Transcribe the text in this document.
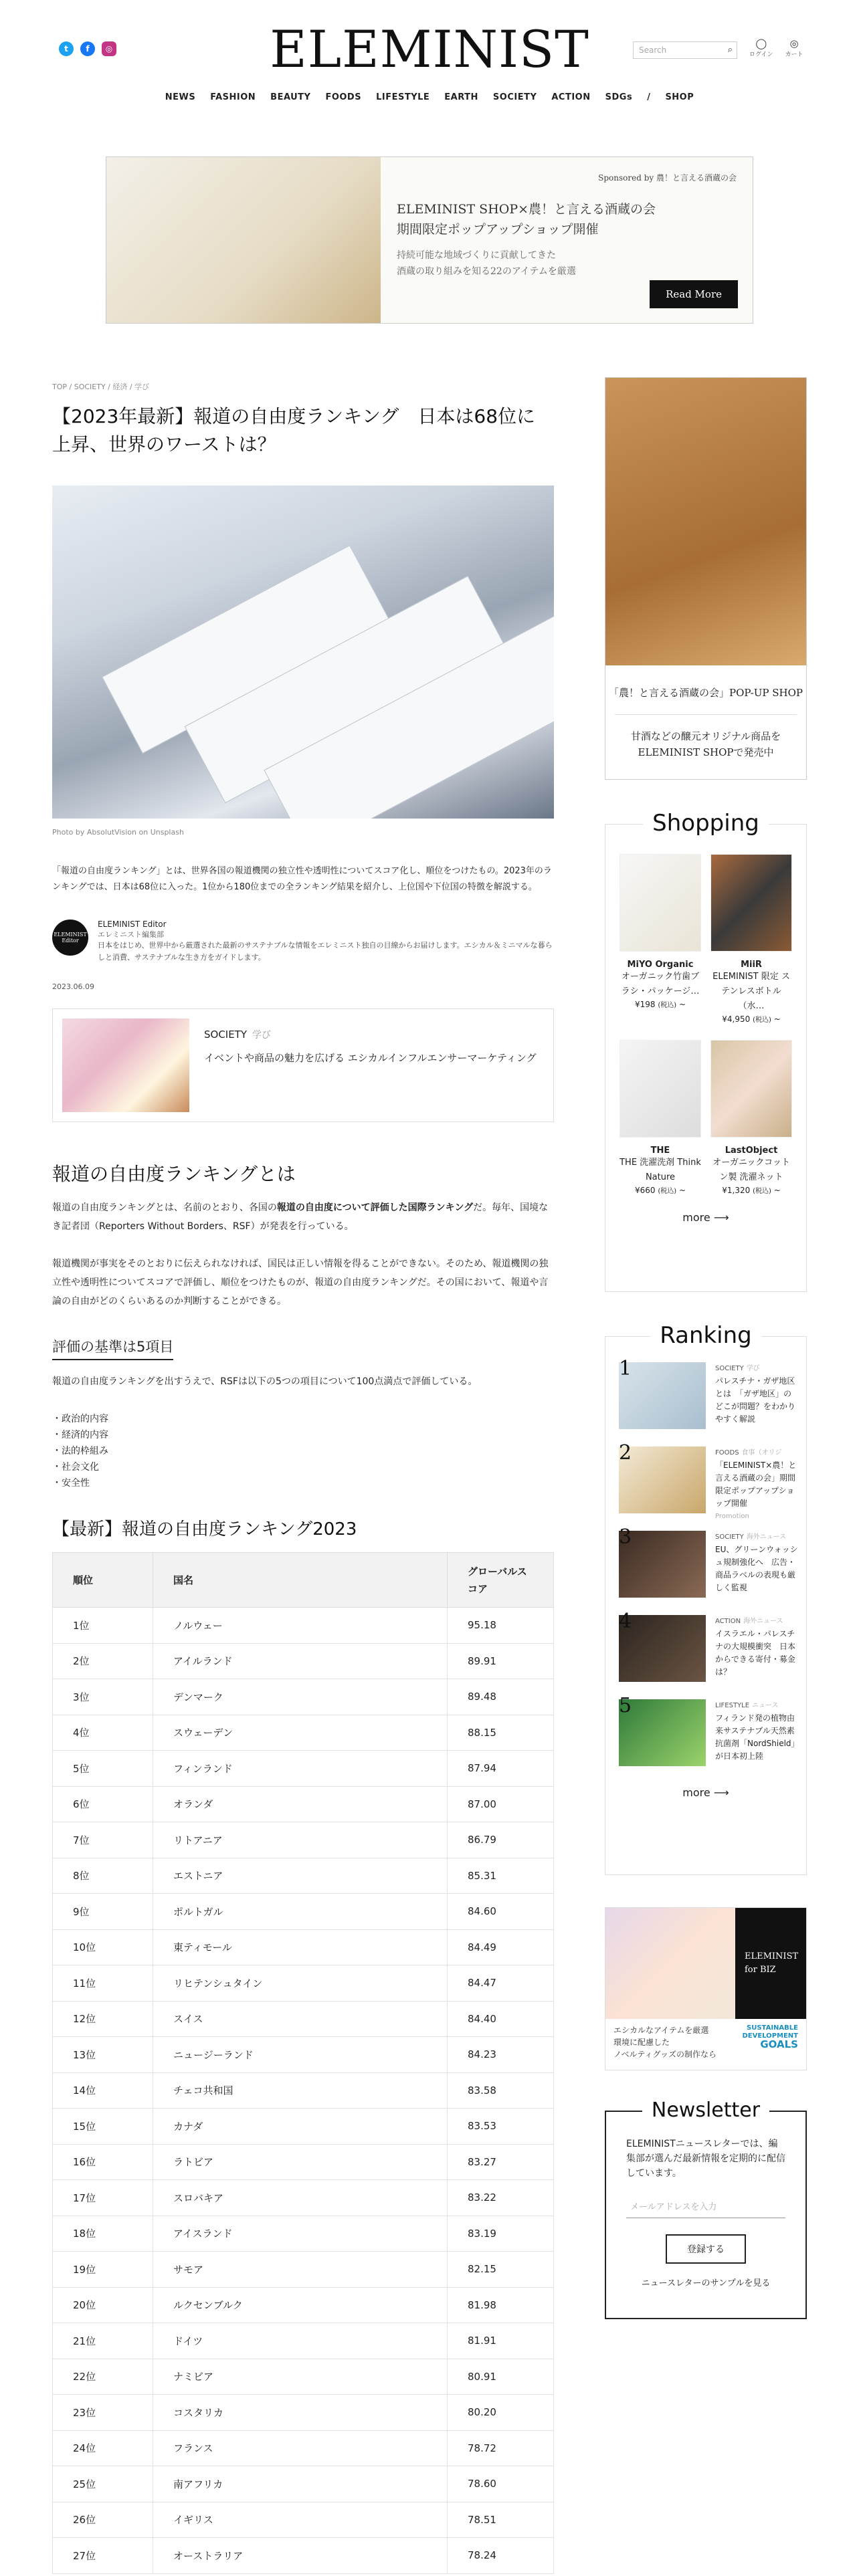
t	f	◎	ELEMINIST	Search	⌕
◯
ログイン
◎
カート
NEWS FASHION BEAUTY FOODS LIFESTYLE EARTH SOCIETY ACTION SDGs / SHOP
Sponsored by 農！と言える酒蔵の会
ELEMINIST SHOP×農！と言える酒蔵の会
期間限定ポップアップショップ開催
持続可能な地域づくりに貢献してきた
酒蔵の取り組みを知る22のアイテムを厳選
Read More
TOP / SOCIETY / 経済 / 学び
【2023年最新】報道の自由度ランキング　日本は68位に上昇、世界のワーストは？
Photo by AbsolutVision on Unsplash
「報道の自由度ランキング」とは、世界各国の報道機関の独立性や透明性についてスコア化し、順位をつけたもの。2023年のランキングでは、日本は68位に入った。1位から180位までの全ランキング結果を紹介し、上位国や下位国の特徴を解説する。
ELEMINIST Editor
ELEMINIST Editor
エレミニスト編集部
日本をはじめ、世界中から厳選された最新のサステナブルな情報をエレミニスト独自の目線からお届けします。エシカル＆ミニマルな暮らしと消費、サステナブルな生き方をガイドします。
2023.06.09
SOCIETY 学び
イベントや商品の魅力を広げる エシカルインフルエンサーマーケティング
報道の自由度ランキングとは

報道の自由度ランキングとは、名前のとおり、各国の報道の自由度について評価した国際ランキングだ。毎年、国境なき記者団（Reporters Without Borders、RSF）が発表を行っている。

報道機関が事実をそのとおりに伝えられなければ、国民は正しい情報を得ることができない。そのため、報道機関の独立性や透明性についてスコアで評価し、順位をつけたものが、報道の自由度ランキングだ。その国において、報道や言論の自由がどのくらいあるのか判断することができる。

評価の基準は5項目

報道の自由度ランキングを出すうえで、RSFは以下の5つの項目について100点満点で評価している。

・政治的内容
・経済的内容
・法的枠組み
・社会文化
・安全性
【最新】報道の自由度ランキング2023
順位	国名	グローバルスコア
1位	ノルウェー	95.18
2位	アイルランド	89.91
3位	デンマーク	89.48
4位	スウェーデン	88.15
5位	フィンランド	87.94
6位	オランダ	87.00
7位	リトアニア	86.79
8位	エストニア	85.31
9位	ポルトガル	84.60
10位	東ティモール	84.49
11位	リヒテンシュタイン	84.47
12位	スイス	84.40
13位	ニュージーランド	84.23
14位	チェコ共和国	83.58
15位	カナダ	83.53
16位	ラトビア	83.27
17位	スロバキア	83.22
18位	アイスランド	83.19
19位	サモア	82.15
20位	ルクセンブルク	81.98
21位	ドイツ	81.91
22位	ナミビア	80.91
23位	コスタリカ	80.20
24位	フランス	78.72
25位	南アフリカ	78.60
26位	イギリス	78.51
27位	オーストラリア	78.24
「農！と言える酒蔵の会」POP-UP SHOP
甘酒などの醸元オリジナル商品を
ELEMINIST SHOPで発売中
Shopping
MiYO Organic
オーガニック竹歯ブラシ・パッケージ…
¥198 (税込) ~
MiiR
ELEMINIST 限定 ステンレスボトル（水…
¥4,950 (税込) ~
THE
THE 洗濯洗剤 Think Nature
¥660 (税込) ~
LastObject
オーガニックコットン製 洗濯ネット
¥1,320 (税込) ~
more ⟶
Ranking
1	SOCIETY 学び
パレスチナ・ガザ地区とは　「ガザ地区」のどこが問題？をわかりやすく解説
2	FOODS 食事（オリジ
「ELEMINIST×農！と言える酒蔵の会」期間限定ポップアップショップ開催
Promotion
3	SOCIETY 海外ニュース
EU、グリーンウォッシュ規制強化へ　広告・商品ラベルの表現も厳しく監視
4	ACTION 海外ニュース
イスラエル・パレスチナの大規模衝突　日本からできる寄付・募金は？
5	LIFESTYLE ニュース
フィランド発の植物由来サステナブル天然素抗菌剤「NordShield」が日本初上陸
more ⟶
ELEMINIST
for BIZ
エシカルなアイテムを厳選
環境に配慮した
ノベルティグッズの制作なら
SUSTAINABLE
DEVELOPMENT
GOALS
Newsletter
ELEMINISTニュースレターでは、編集部が選んだ最新情報を定期的に配信しています。
メールアドレスを入力
登録する
ニュースレターのサンプルを見る
